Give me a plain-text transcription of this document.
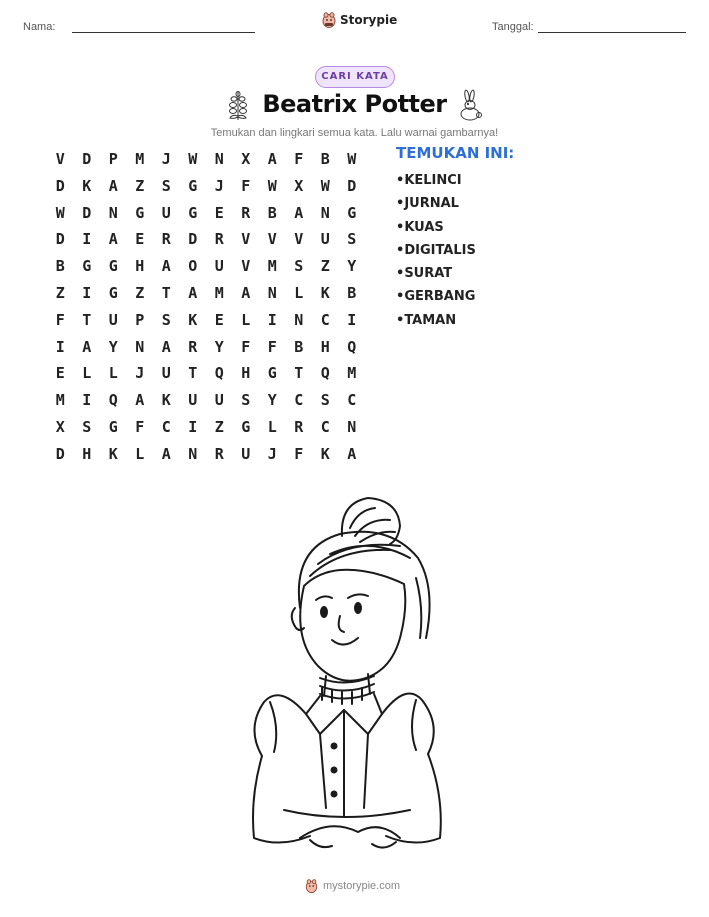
Nama:	Storypie	Tanggal:
CARI KATA
Beatrix Potter
Temukan dan lingkari semua kata. Lalu warnai gambarnya!
V	D	P	M	J	W	N	X	A	F	B	W
D	K	A	Z	S	G	J	F	W	X	W	D
W	D	N	G	U	G	E	R	B	A	N	G
D	I	A	E	R	D	R	V	V	V	U	S
B	G	G	H	A	O	U	V	M	S	Z	Y
Z	I	G	Z	T	A	M	A	N	L	K	B
F	T	U	P	S	K	E	L	I	N	C	I
I	A	Y	N	A	R	Y	F	F	B	H	Q
E	L	L	J	U	T	Q	H	G	T	Q	M
M	I	Q	A	K	U	U	S	Y	C	S	C
X	S	G	F	C	I	Z	G	L	R	C	N
D	H	K	L	A	N	R	U	J	F	K	A
TEMUKAN INI:
• KELINCI
• JURNAL
• KUAS
• DIGITALIS
• SURAT
• GERBANG
• TAMAN
mystorypie.com
